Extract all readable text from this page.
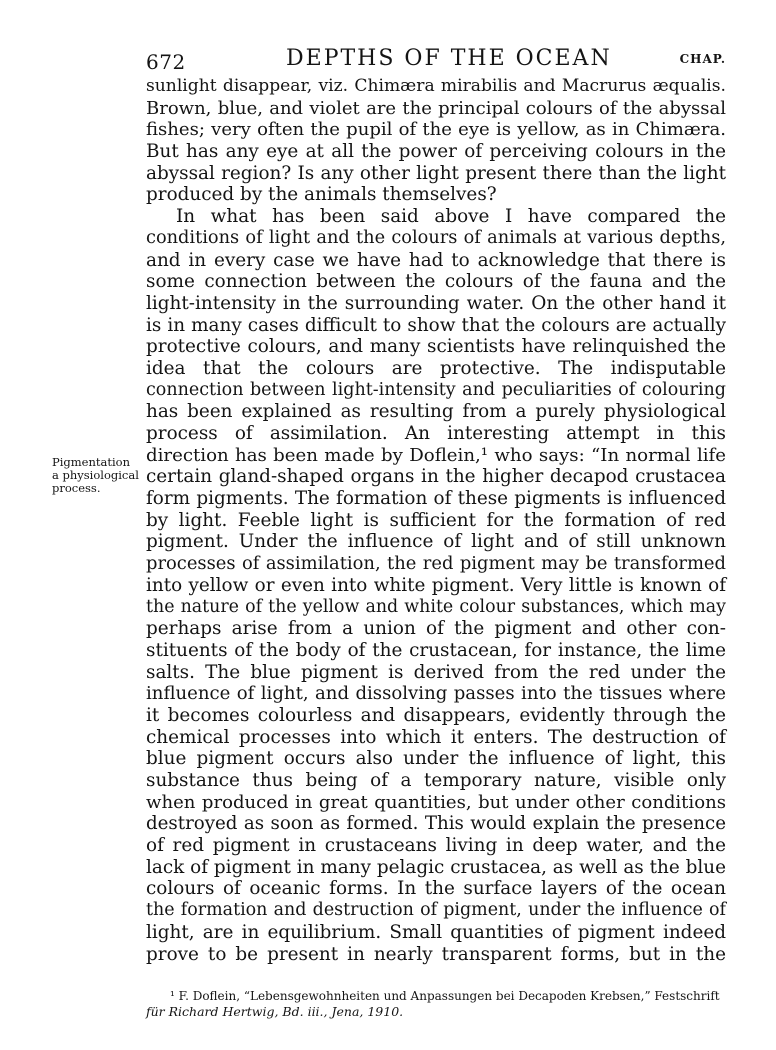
672	DEPTHS OF THE OCEAN	CHAP.
Pigmentation
a physiological
process.
sunlight disappear, viz. Chimæra mirabilis and Macrurus æqualis.
Brown, blue, and violet are the principal colours of the abyssal
fishes; very often the pupil of the eye is yellow, as in Chimæra.
But has any eye at all the power of perceiving colours in the
abyssal region? Is any other light present there than the light
produced by the animals themselves?
In what has been said above I have compared the
conditions of light and the colours of animals at various depths,
and in every case we have had to acknowledge that there is
some connection between the colours of the fauna and the
light-intensity in the surrounding water. On the other hand it
is in many cases difficult to show that the colours are actually
protective colours, and many scientists have relinquished the
idea that the colours are protective. The indisputable
connection between light-intensity and peculiarities of colouring
has been explained as resulting from a purely physiological
process of assimilation. An interesting attempt in this
direction has been made by Doflein,¹ who says: “In normal life
certain gland-shaped organs in the higher decapod crustacea
form pigments. The formation of these pigments is influenced
by light. Feeble light is sufficient for the formation of red
pigment. Under the influence of light and of still unknown
processes of assimilation, the red pigment may be transformed
into yellow or even into white pigment. Very little is known of
the nature of the yellow and white colour substances, which may
perhaps arise from a union of the pigment and other con-
stituents of the body of the crustacean, for instance, the lime
salts. The blue pigment is derived from the red under the
influence of light, and dissolving passes into the tissues where
it becomes colourless and disappears, evidently through the
chemical processes into which it enters. The destruction of
blue pigment occurs also under the influence of light, this
substance thus being of a temporary nature, visible only
when produced in great quantities, but under other conditions
destroyed as soon as formed. This would explain the presence
of red pigment in crustaceans living in deep water, and the
lack of pigment in many pelagic crustacea, as well as the blue
colours of oceanic forms. In the surface layers of the ocean
the formation and destruction of pigment, under the influence of
light, are in equilibrium. Small quantities of pigment indeed
prove to be present in nearly transparent forms, but in the
¹ F. Doflein, “Lebensgewohnheiten und Anpassungen bei Decapoden Krebsen,” Festschrift
für Richard Hertwig, Bd. iii., Jena, 1910.
